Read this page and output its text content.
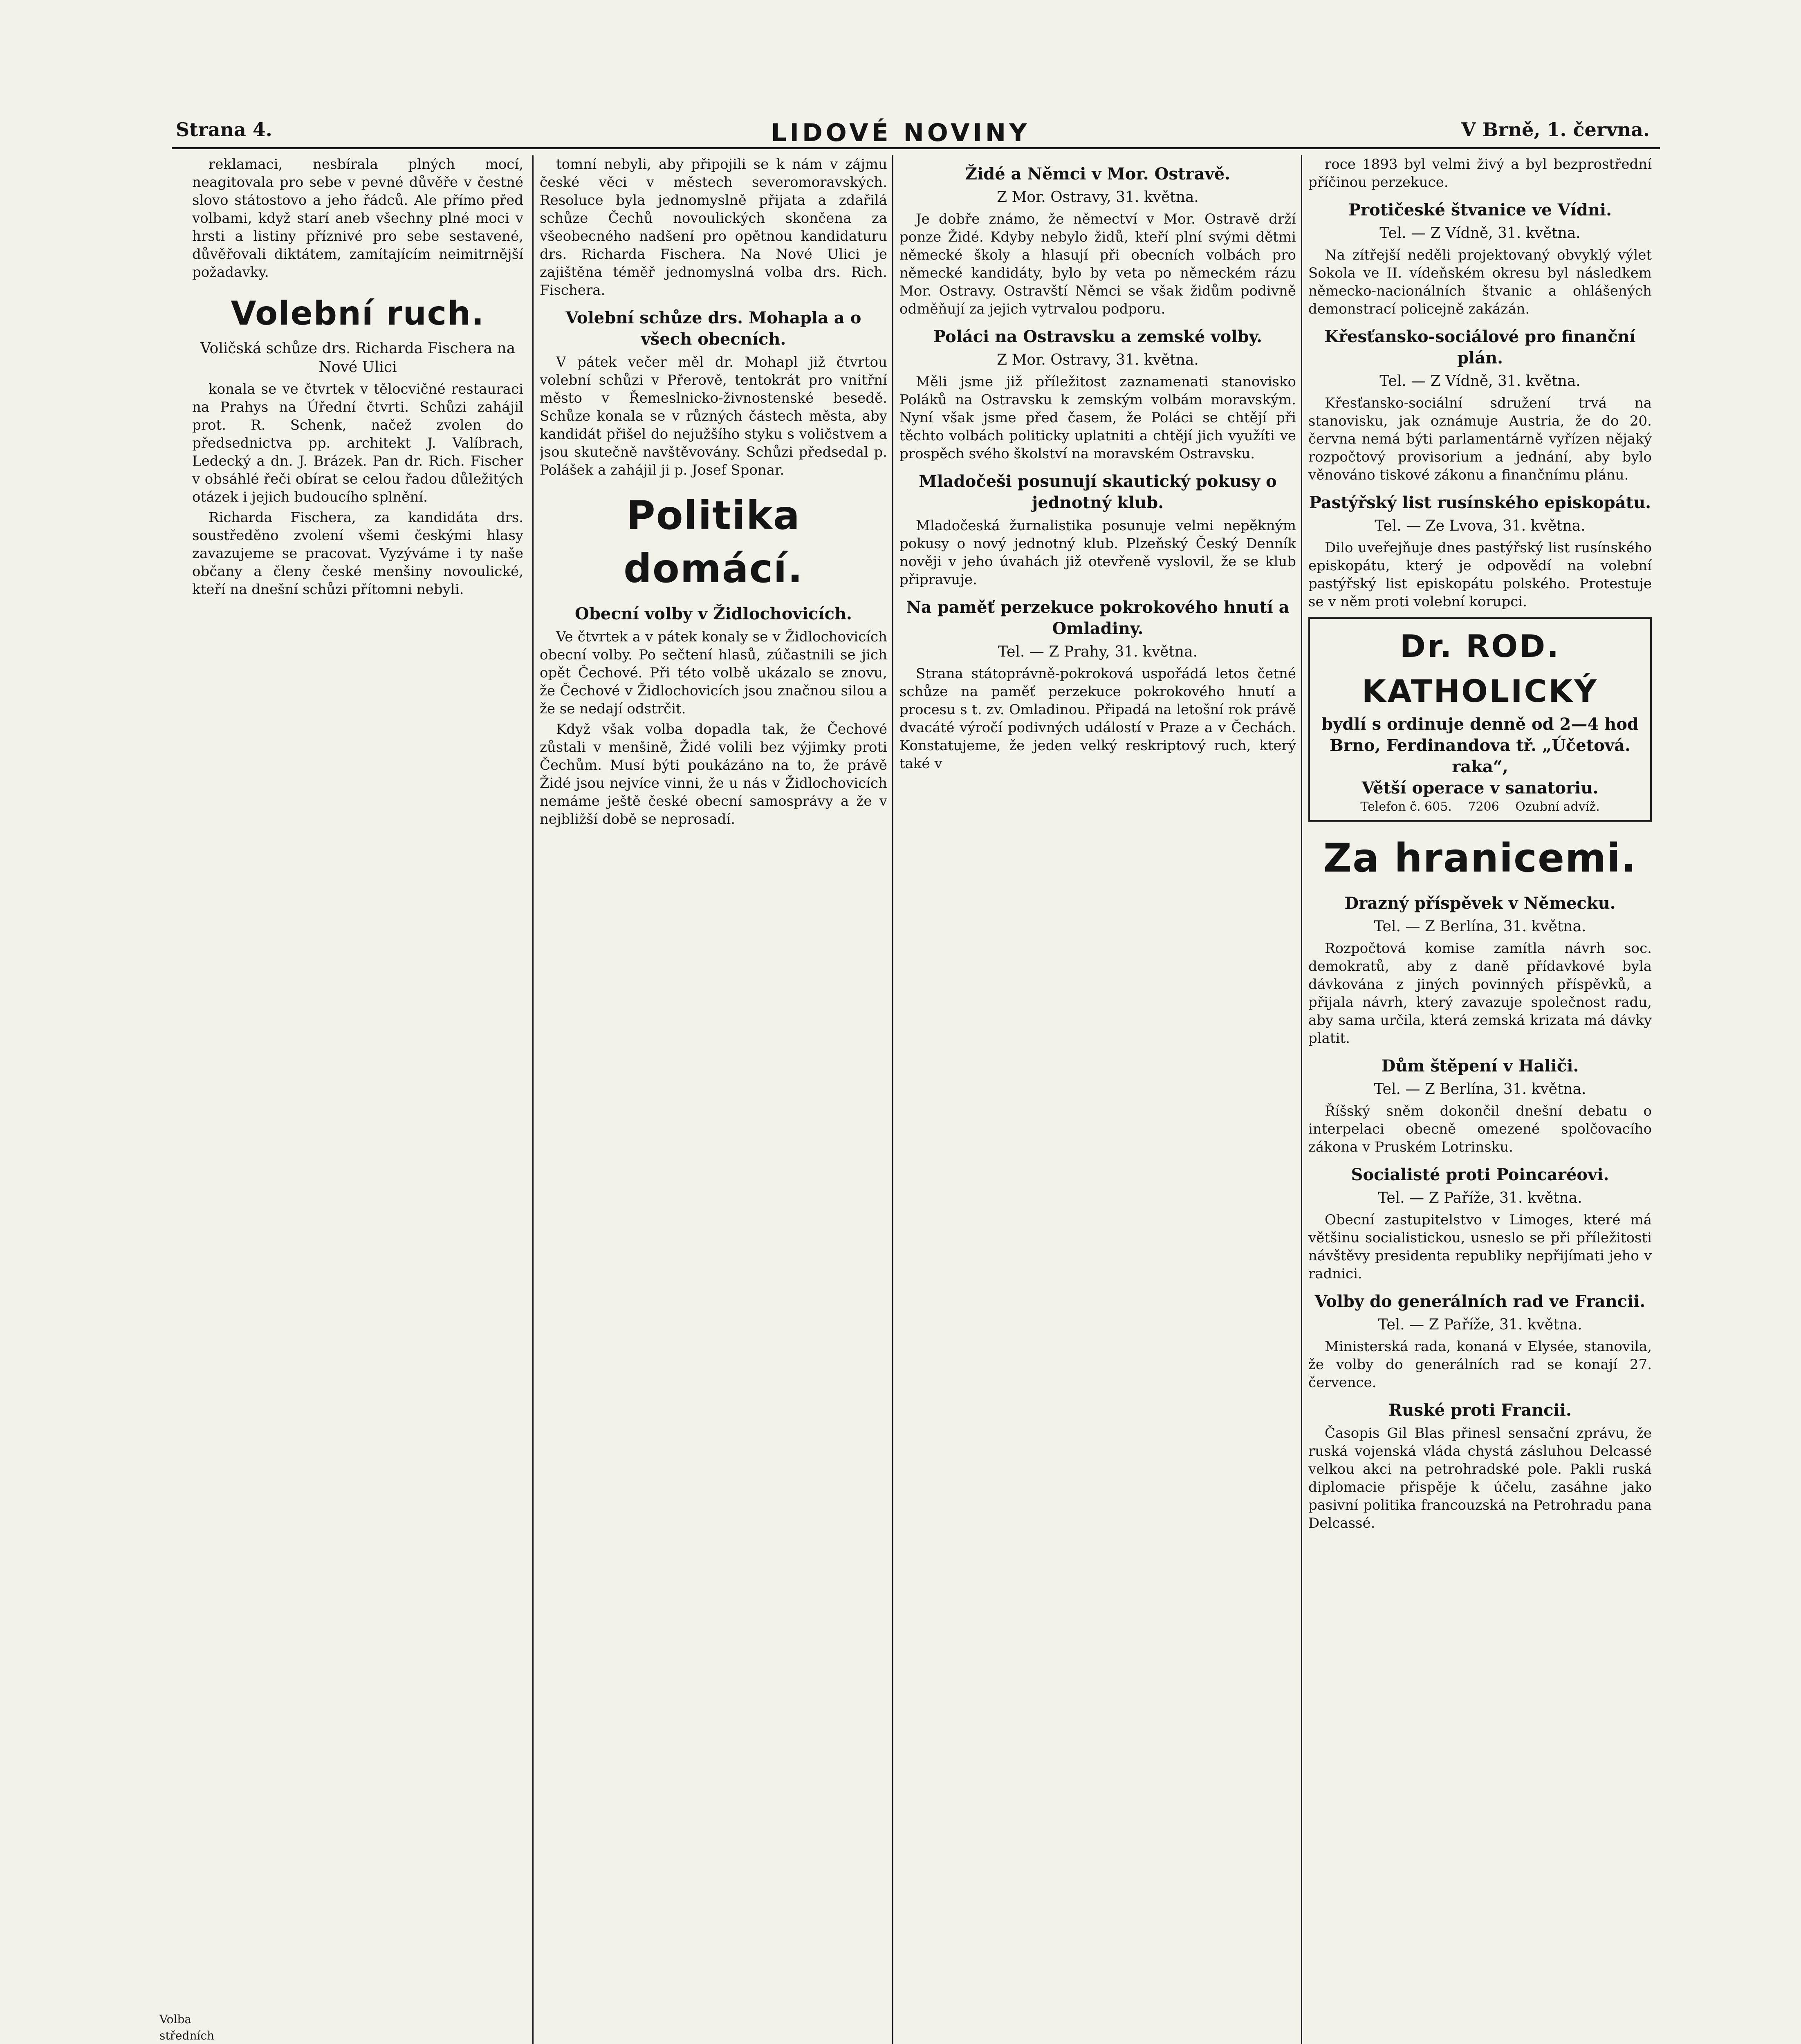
Strana 4.	LIDOVÉ NOVINY	V Brně, 1. června.

reklamaci, nesbírala plných mocí, neagitovala pro sebe v pevné důvěře v čestné slovo státostovo a jeho řádců. Ale přímo před volbami, když starí aneb všechny plné moci v hrsti a listiny příznivé pro sebe sestavené, důvěřovali diktátem, zamítajícím neimitrnější požadavky.

Volební ruch.
Voličská schůze drs. Richarda Fischera na Nové Ulici

konala se ve čtvrtek v tělocvičné restauraci na Prahys na Úřední čtvrti. Schůzi zahájil prot. R. Schenk, načež zvolen do předsednictva pp. architekt J. Valíbrach, Ledecký a dn. J. Brázek. Pan dr. Rich. Fischer v obsáhlé řeči obírat se celou řadou důležitých otázek i jejich budoucího splnění.

Richarda Fischera, za kandidáta drs. soustředěno zvolení všemi českými hlasy zavazujeme se pracovat. Vyzýváme i ty naše občany a členy české menšiny novoulické, kteří na dnešní schůzi přítomni nebyli.

tomní nebyli, aby připojili se k nám v zájmu české věci v městech severomoravských. Resoluce byla jednomyslně přijata a zdařilá schůze Čechů novoulických skončena za všeobecného nadšení pro opětnou kandidaturu drs. Richarda Fischera. Na Nové Ulici je zajištěna téměř jednomyslná volba drs. Rich. Fischera.

Volební schůze drs. Mohapla a o všech obecních.

V pátek večer měl dr. Mohapl již čtvrtou volební schůzi v Přerově, tentokrát pro vnitřní město v Řemeslnicko-živnostenské besedě. Schůze konala se v různých částech města, aby kandidát přišel do nejužšího styku s voličstvem a jsou skutečně navštěvovány. Schůzi předsedal p. Polášek a zahájil ji p. Josef Sponar.

Politika domácí.
Obecní volby v Židlochovicích.

Ve čtvrtek a v pátek konaly se v Židlochovicích obecní volby. Po sečtení hlasů, zúčastnili se jich opět Čechové. Při této volbě ukázalo se znovu, že Čechové v Židlochovicích jsou značnou silou a že se nedají odstrčit.

Když však volba dopadla tak, že Čechové zůstali v menšině, Židé volili bez výjimky proti Čechům. Musí býti poukázáno na to, že právě Židé jsou nejvíce vinni, že u nás v Židlochovicích nemáme ještě české obecní samosprávy a že v nejbližší době se neprosadí.

Židé a Němci v Mor. Ostravě.
Z Mor. Ostravy, 31. května.

Je dobře známo, že němectví v Mor. Ostravě drží ponze Židé. Kdyby nebylo židů, kteří plní svými dětmi německé školy a hlasují při obecních volbách pro německé kandidáty, bylo by veta po německém rázu Mor. Ostravy. Ostravští Němci se však židům podivně odměňují za jejich vytrvalou podporu.

Poláci na Ostravsku a zemské volby.
Z Mor. Ostravy, 31. května.

Měli jsme již příležitost zaznamenati stanovisko Poláků na Ostravsku k zemským volbám moravským. Nyní však jsme před časem, že Poláci se chtějí při těchto volbách politicky uplatniti a chtějí jich využíti ve prospěch svého školství na moravském Ostravsku.

Mladočeši posunují skautický pokusy o jednotný klub.

Mladočeská žurnalistika posunuje velmi nepěkným pokusy o nový jednotný klub. Plzeňský Český Denník nověji v jeho úvahách již otevřeně vyslovil, že se klub připravuje.

Na paměť perzekuce pokrokového hnutí a Omladiny.
Tel. — Z Prahy, 31. května.

Strana státoprávně-pokroková uspořádá letos četné schůze na paměť perzekuce pokrokového hnutí a procesu s t. zv. Omladinou. Připadá na letošní rok právě dvacáté výročí podivných událostí v Praze a v Čechách. Konstatujeme, že jeden velký reskriptový ruch, který také v

roce 1893 byl velmi živý a byl bezprostřední příčinou perzekuce.

Protičeské štvanice ve Vídni.
Tel. — Z Vídně, 31. května.

Na zítřejší neděli projektovaný obvyklý výlet Sokola ve II. vídeňském okresu byl následkem německo-nacionálních štvanic a ohlášených demonstrací policejně zakázán.

Křesťansko-sociálové pro finanční plán.
Tel. — Z Vídně, 31. května.

Křesťansko-sociální sdružení trvá na stanovisku, jak oznámuje Austria, že do 20. června nemá býti parlamentárně vyřízen nějaký rozpočtový provisorium a jednání, aby bylo věnováno tiskové zákonu a finančnímu plánu.

Pastýřský list rusínského episkopátu.
Tel. — Ze Lvova, 31. května.

Dilo uveřejňuje dnes pastýřský list rusínského episkopátu, který je odpovědí na volební pastýřský list episkopátu polského. Protestuje se v něm proti volební korupci.

Dr. ROD. KATHOLICKÝ
bydlí s ordinuje denně od 2—4 hod
Brno, Ferdinandova tř. „Účetová. raka“,
Větší operace v sanatoriu.
Telefon č. 605. 7206 Ozubní advíž.
Za hranicemi.
Drazný příspěvek v Německu.
Tel. — Z Berlína, 31. května.

Rozpočtová komise zamítla návrh soc. demokratů, aby z daně přídavkové byla dávkována z jiných povinných příspěvků, a přijala návrh, který zavazuje společnost radu, aby sama určila, která zemská krizata má dávky platit.

Dům štěpení v Haliči.
Tel. — Z Berlína, 31. května.

Říšský sněm dokončil dnešní debatu o interpelaci obecně omezené spolčovacího zákona v Pruském Lotrinsku.

Socialisté proti Poincaréovi.
Tel. — Z Paříže, 31. května.

Obecní zastupitelstvo v Limoges, které má většinu socialistickou, usneslo se při příležitosti návštěvy presidenta republiky nepřijímati jeho v radnici.

Volby do generálních rad ve Francii.
Tel. — Z Paříže, 31. května.

Ministerská rada, konaná v Elysée, stanovila, že volby do generálních rad se konají 27. července.

Ruské proti Francii.

Časopis Gil Blas přinesl sensační zprávu, že ruská vojenská vláda chystá zásluhou Delcassé velkou akci na petrohradské pole. Pakli ruská diplomacie přispěje k účelu, zasáhne jako pasivní politika francouzská na Petrohradu pana Delcassé.

Volba středních
